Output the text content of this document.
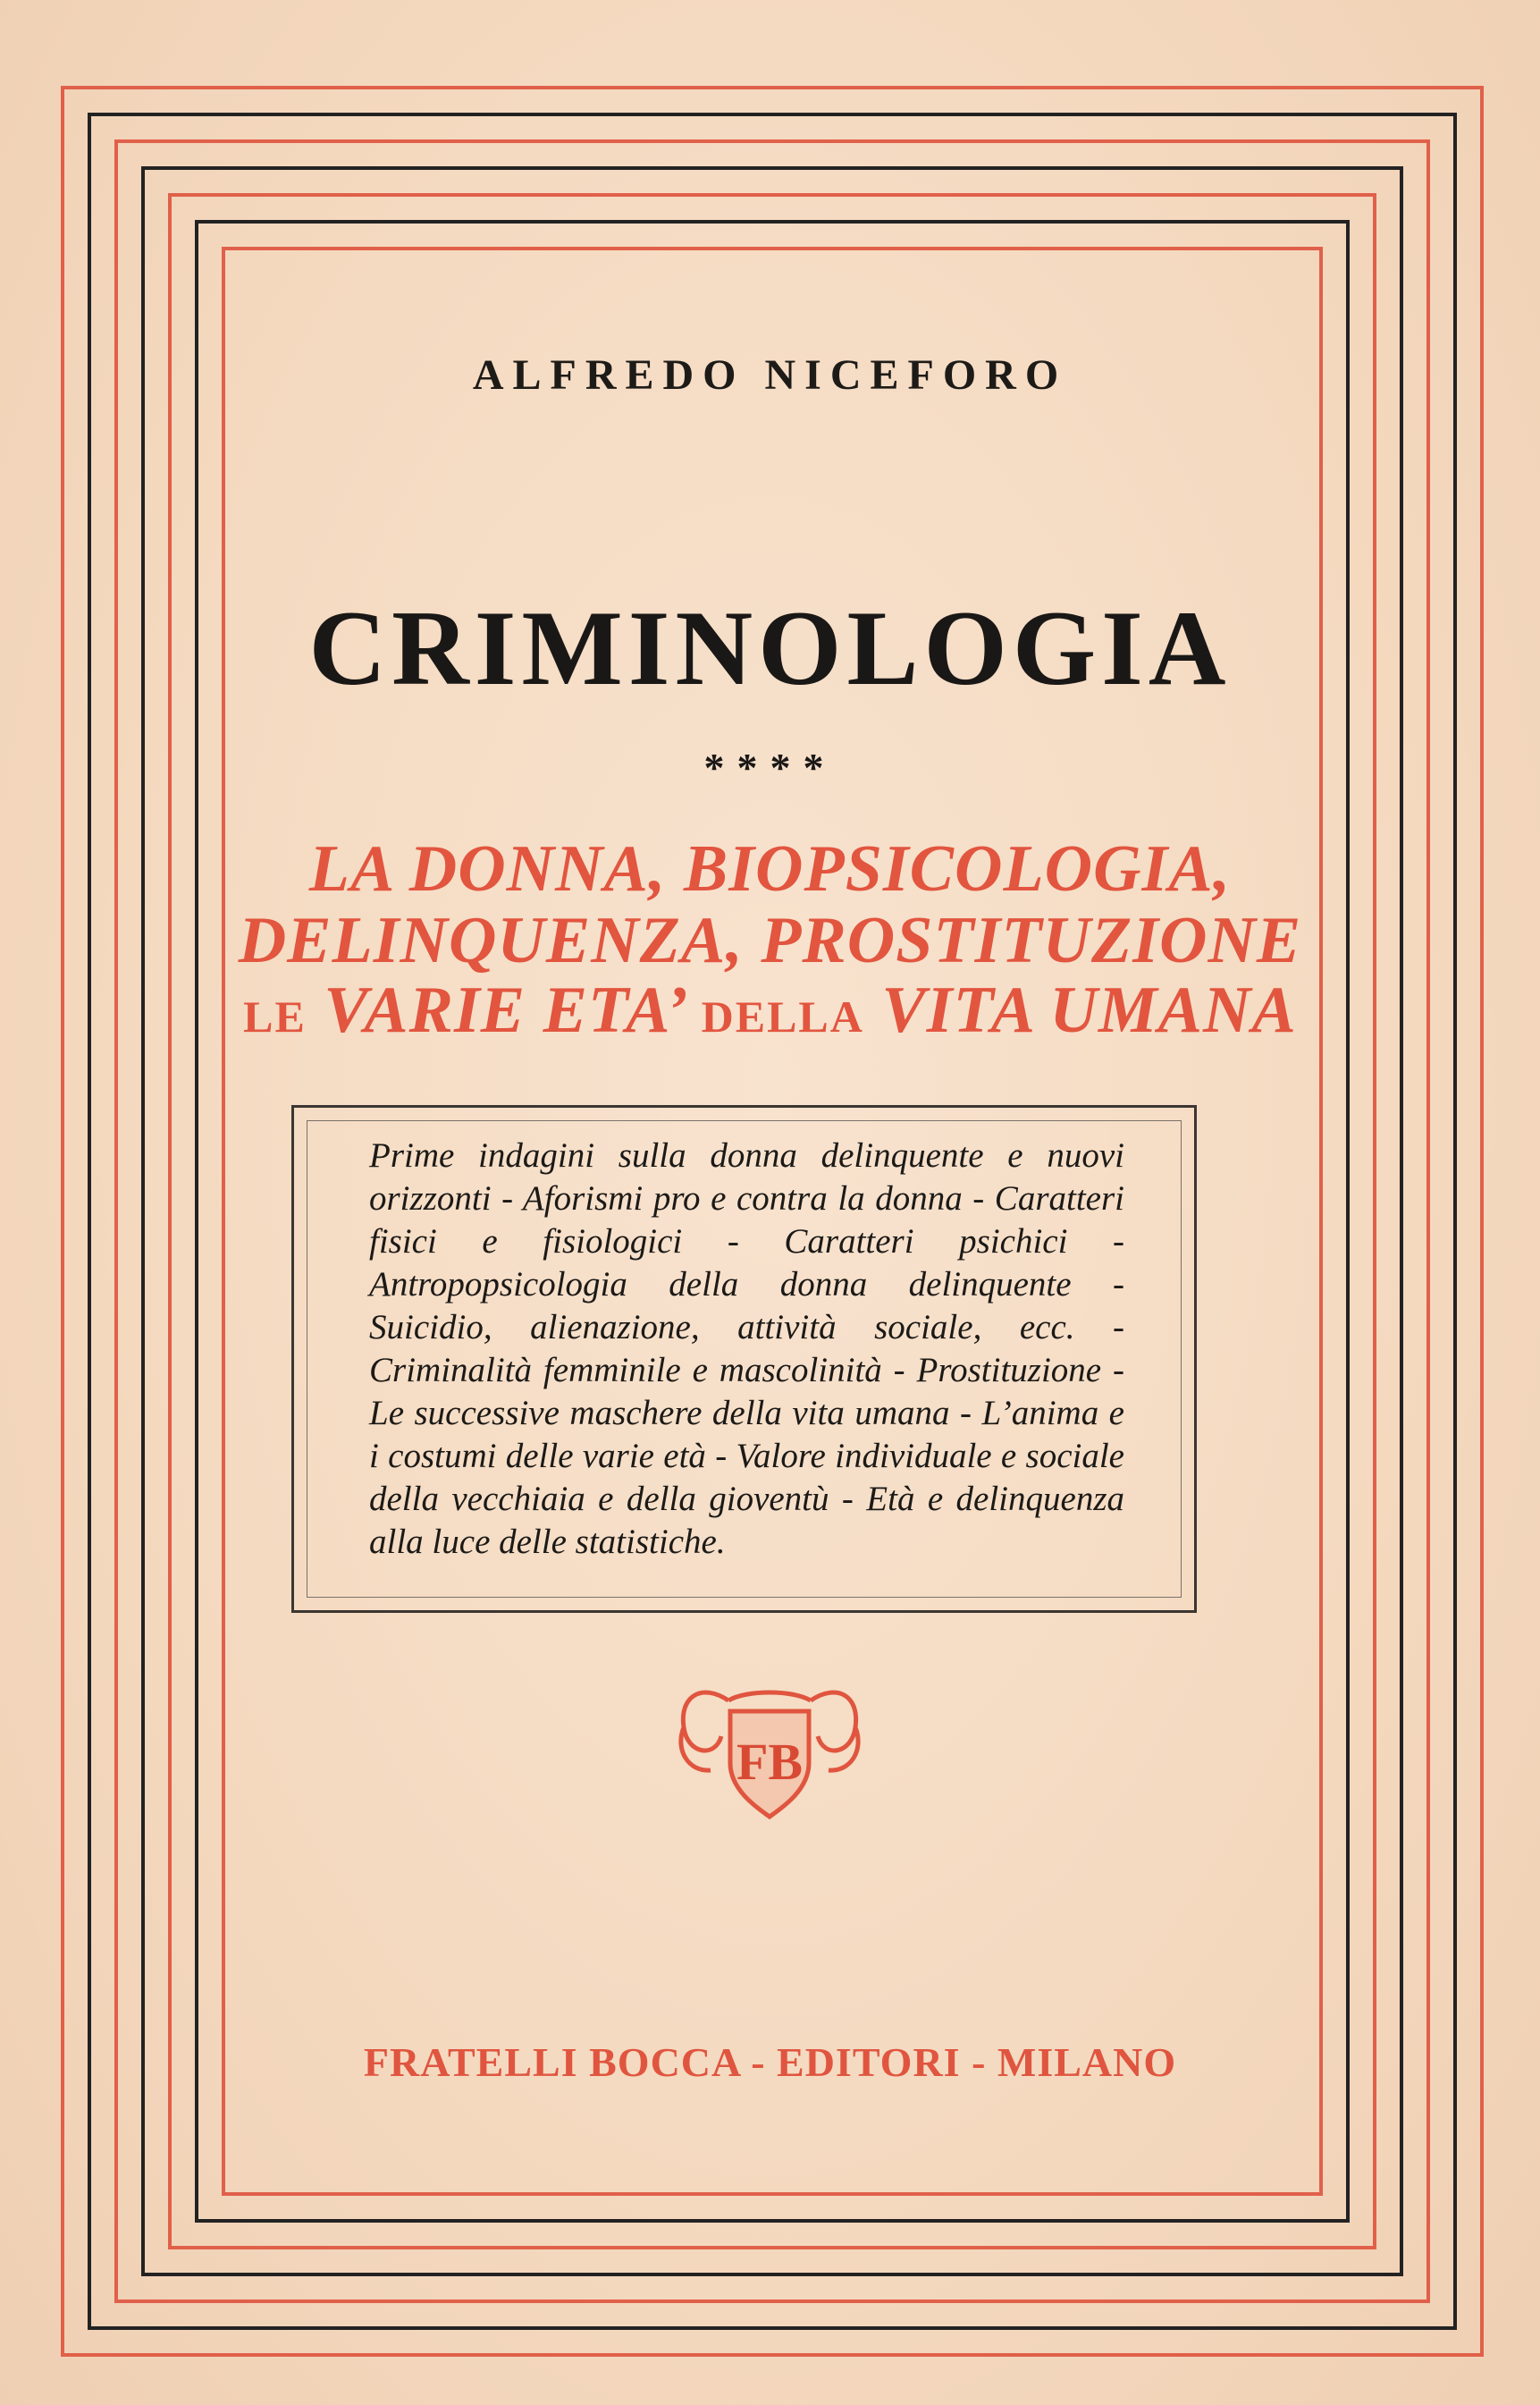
ALFREDO NICEFORO
CRIMINOLOGIA
****
LA DONNA, BIOPSICOLOGIA,
DELINQUENZA, PROSTITUZIONE
LE VARIE ETA’ DELLA VITA UMANA
Prime indagini sulla donna delinquente e nuovi orizzonti - Aforismi pro e contra la donna - Caratteri fisici e fisiologici - Caratteri psichici - Antropopsicologia della donna delinquente - Suicidio, alienazione, attività sociale, ecc. - Criminalità femminile e mascolinità - Prostituzione - Le successive maschere della vita umana - L’anima e i costumi delle varie età - Valore individuale e sociale della vecchiaia e della gioventù - Età e delinquenza alla luce delle statistiche.
FB
FRATELLI BOCCA - EDITORI - MILANO
